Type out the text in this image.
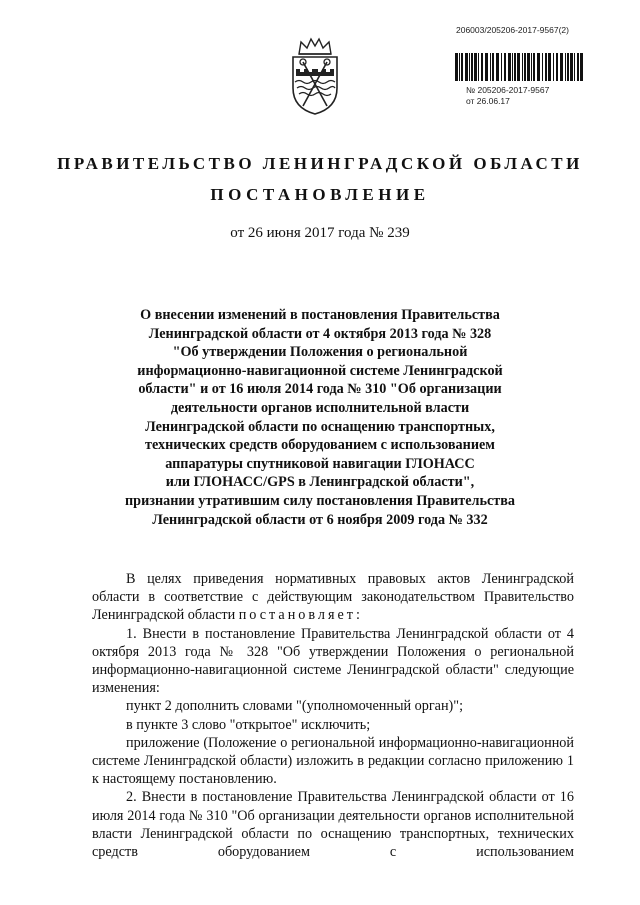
206003/205206-2017-9567(2)
№ 205206-2017-9567
от 26.06.17
ПРАВИТЕЛЬСТВО ЛЕНИНГРАДСКОЙ ОБЛАСТИ
ПОСТАНОВЛЕНИЕ
от 26 июня 2017 года № 239
О внесении изменений в постановления Правительства
Ленинградской области от 4 октября 2013 года № 328
"Об утверждении Положения о региональной
информационно-навигационной системе Ленинградской
области" и от 16 июля 2014 года № 310 "Об организации
деятельности органов исполнительной власти
Ленинградской области по оснащению транспортных,
технических средств оборудованием с использованием
аппаратуры спутниковой навигации ГЛОНАСС
или ГЛОНАСС/GPS в Ленинградской области",
признании утратившим силу постановления Правительства
Ленинградской области от 6 ноября 2009 года № 332

В целях приведения нормативных правовых актов Ленинградской области в соответствие с действующим законодательством Правительство Ленинградской области постановляет:

1. Внести в постановление Правительства Ленинградской области от 4 октября 2013 года № 328 "Об утверждении Положения о региональной информационно-навигационной системе Ленинградской области" следующие изменения:

пункт 2 дополнить словами "(уполномоченный орган)";

в пункте 3 слово "открытое" исключить;

приложение (Положение о региональной информационно-навигационной системе Ленинградской области) изложить в редакции согласно приложению 1 к настоящему постановлению.

2. Внести в постановление Правительства Ленинградской области от 16 июля 2014 года № 310 "Об организации деятельности органов исполнительной власти Ленинградской области по оснащению транспортных, технических средств оборудованием с использованием
